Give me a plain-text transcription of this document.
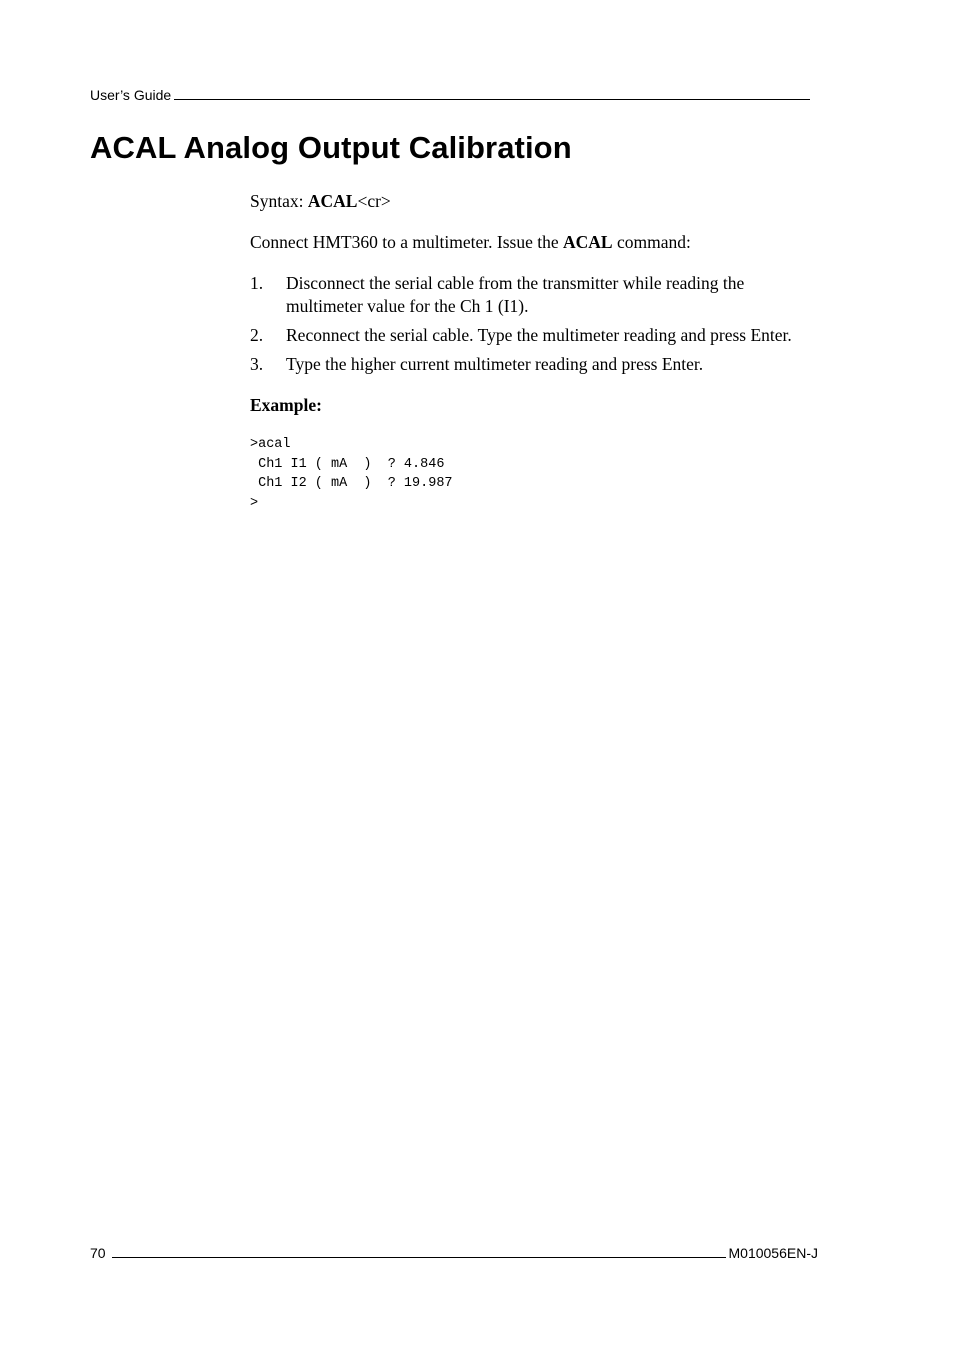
User’s Guide
ACAL Analog Output Calibration

Syntax: ACAL<cr>

Connect HMT360 to a multimeter. Issue the ACAL command:

1. Disconnect the serial cable from the transmitter while reading the multimeter value for the Ch 1 (I1).
2. Reconnect the serial cable. Type the multimeter reading and press Enter.
3. Type the higher current multimeter reading and press Enter.

Example:

>acal
Ch1 I1 ( mA  )  ? 4.846
Ch1 I2 ( mA  )  ? 19.987
>
70	M010056EN-J
